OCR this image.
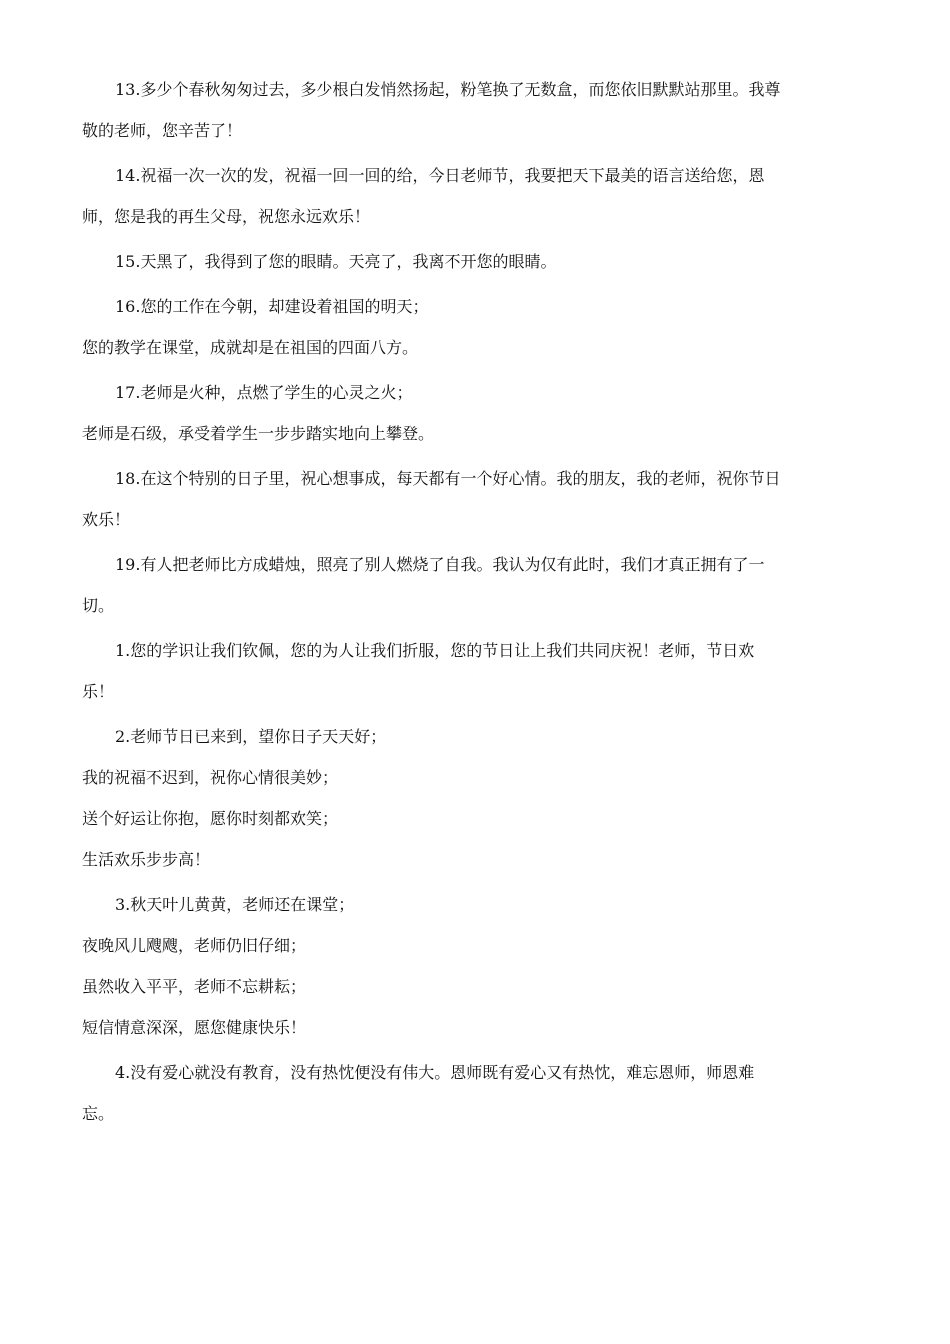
13.多少个春秋匆匆过去，多少根白发悄然扬起，粉笔换了无数盒，而您依旧默默站那里。我尊
敬的老师，您辛苦了！
14.祝福一次一次的发，祝福一回一回的给，今日老师节，我要把天下最美的语言送给您，恩
师，您是我的再生父母，祝您永远欢乐！
15.天黑了，我得到了您的眼睛。天亮了，我离不开您的眼睛。
16.您的工作在今朝，却建设着祖国的明天；
您的教学在课堂，成就却是在祖国的四面八方。
17.老师是火种，点燃了学生的心灵之火；
老师是石级，承受着学生一步步踏实地向上攀登。
18.在这个特别的日子里，祝心想事成，每天都有一个好心情。我的朋友，我的老师，祝你节日
欢乐！
19.有人把老师比方成蜡烛，照亮了别人燃烧了自我。我认为仅有此时，我们才真正拥有了一
切。
1.您的学识让我们钦佩，您的为人让我们折服，您的节日让上我们共同庆祝！老师，节日欢
乐！
2.老师节日已来到，望你日子天天好；
我的祝福不迟到，祝你心情很美妙；
送个好运让你抱，愿你时刻都欢笑；
生活欢乐步步高！
3.秋天叶儿黄黄，老师还在课堂；
夜晚风儿飕飕，老师仍旧仔细；
虽然收入平平，老师不忘耕耘；
短信情意深深，愿您健康快乐！
4.没有爱心就没有教育，没有热忱便没有伟大。恩师既有爱心又有热忱，难忘恩师，师恩难
忘。
